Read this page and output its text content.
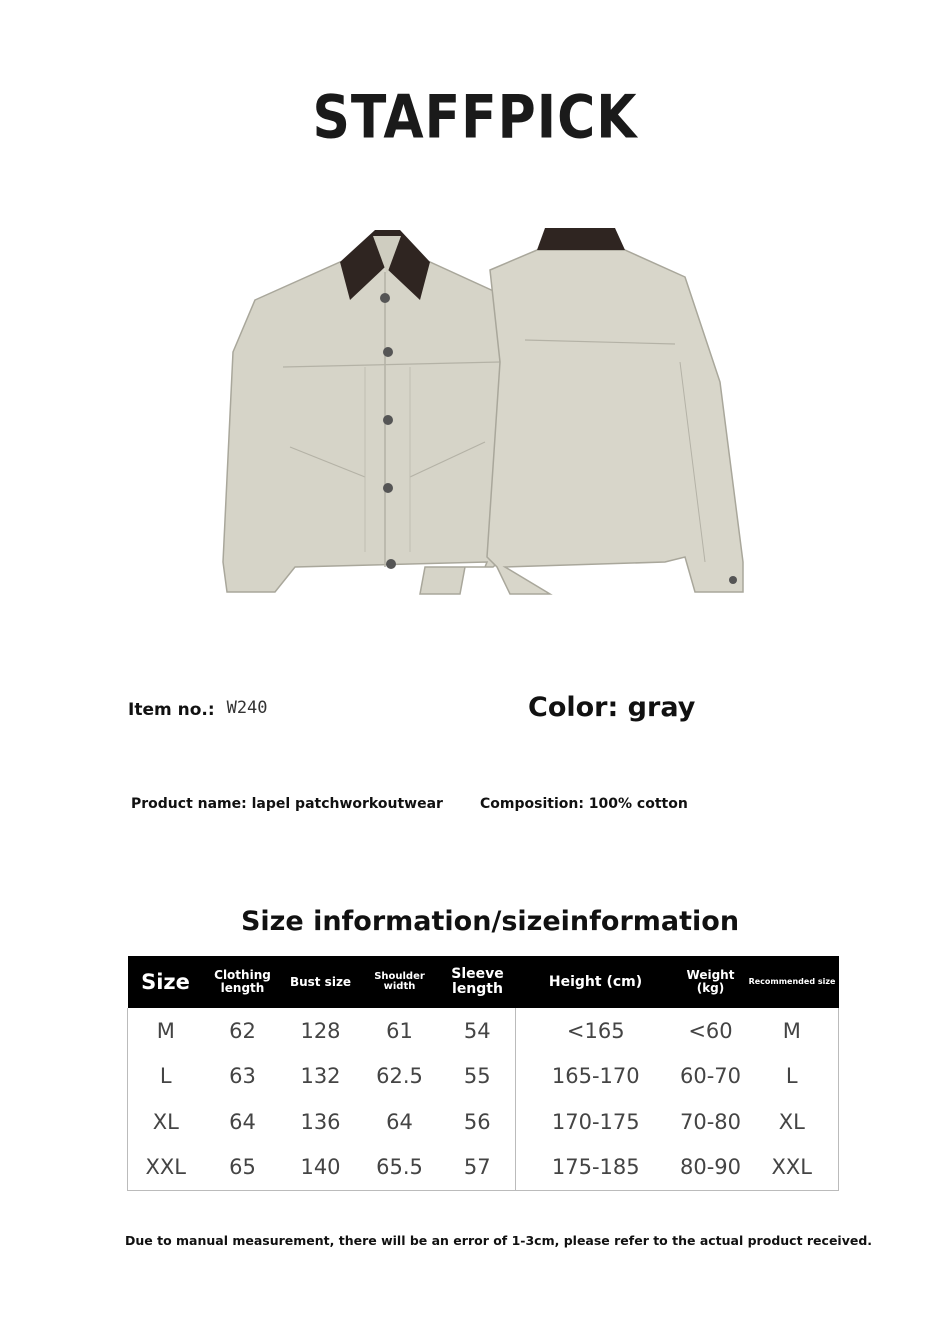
STAFFPICK
Item no.: W240	Color: gray
Product name: lapel patchworkoutwear	Composition: 100% cotton
Size information/sizeinformation
Size	Clothing length	Bust size	Shoulder width	Sleeve length	Height (cm)	Weight (kg)	Recommended size
M	62	128	61	54	<165	<60	M
L	63	132	62.5	55	165-170	60-70	L
XL	64	136	64	56	170-175	70-80	XL
XXL	65	140	65.5	57	175-185	80-90	XXL
Due to manual measurement, there will be an error of 1-3cm, please refer to the actual product received.
